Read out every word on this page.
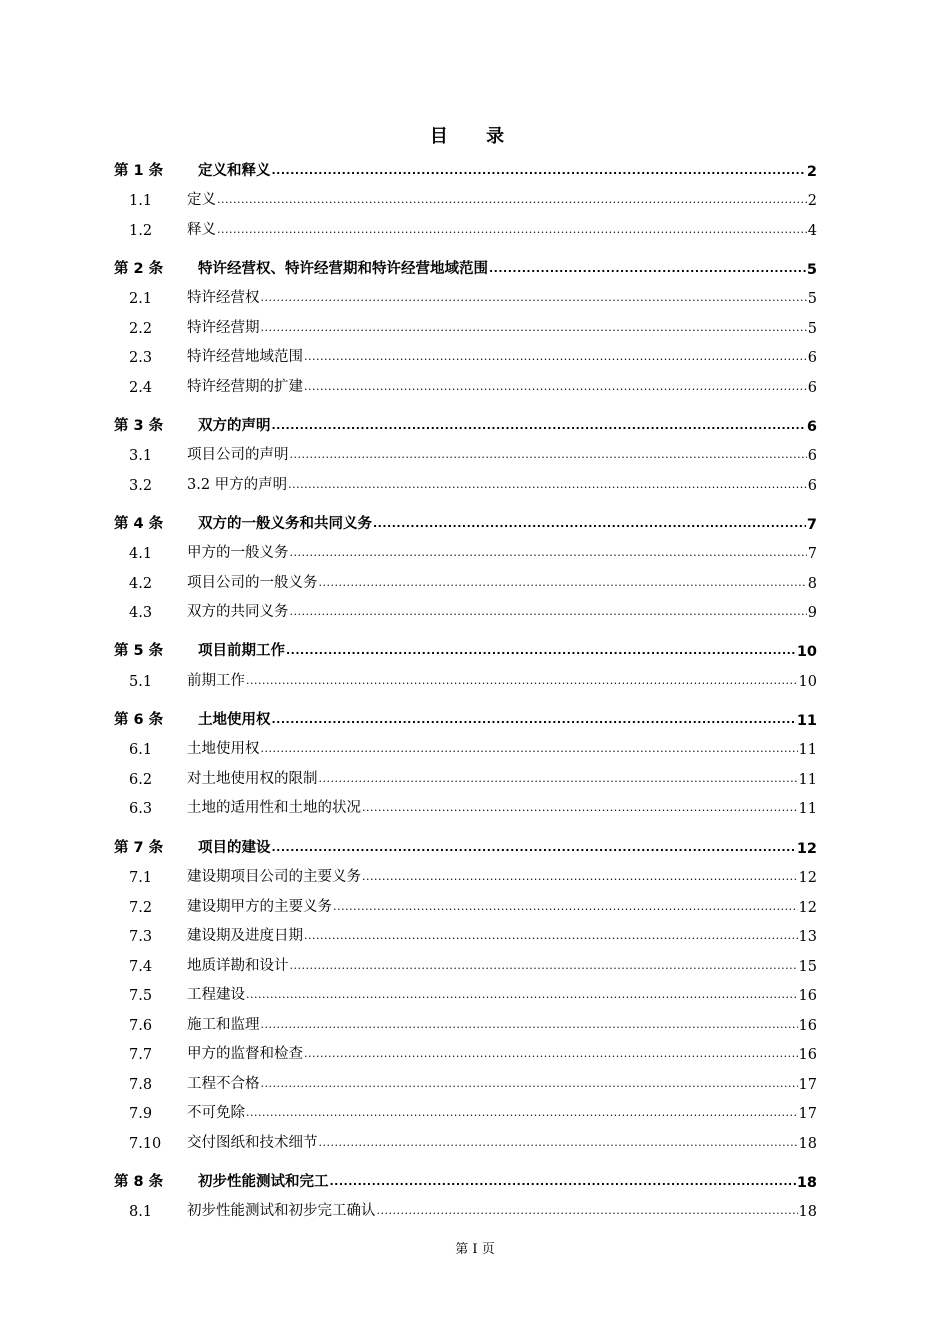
目 录
第 1 条	定义和释义 .....	2
1.1	定义 .....	2
1.2	释义 .....	4
第 2 条	特许经营权、特许经营期和特许经营地域范围 .....	5
2.1	特许经营权 .....	5
2.2	特许经营期 .....	5
2.3	特许经营地域范围 .....	6
2.4	特许经营期的扩建 .....	6
第 3 条	双方的声明 .....	6
3.1	项目公司的声明 .....	6
3.2	3.2 甲方的声明 .....	6
第 4 条	双方的一般义务和共同义务 .....	7
4.1	甲方的一般义务 .....	7
4.2	项目公司的一般义务 .....	8
4.3	双方的共同义务 .....	9
第 5 条	项目前期工作 .....	10
5.1	前期工作 .....	10
第 6 条	土地使用权 .....	11
6.1	土地使用权 .....	11
6.2	对土地使用权的限制 .....	11
6.3	土地的适用性和土地的状况 .....	11
第 7 条	项目的建设 .....	12
7.1	建设期项目公司的主要义务 .....	12
7.2	建设期甲方的主要义务 .....	12
7.3	建设期及进度日期 .....	13
7.4	地质详勘和设计 .....	15
7.5	工程建设 .....	16
7.6	施工和监理 .....	16
7.7	甲方的监督和检查 .....	16
7.8	工程不合格 .....	17
7.9	不可免除 .....	17
7.10	交付图纸和技术细节 .....	18
第 8 条	初步性能测试和完工 .....	18
8.1	初步性能测试和初步完工确认 .....	18
第 I 页
